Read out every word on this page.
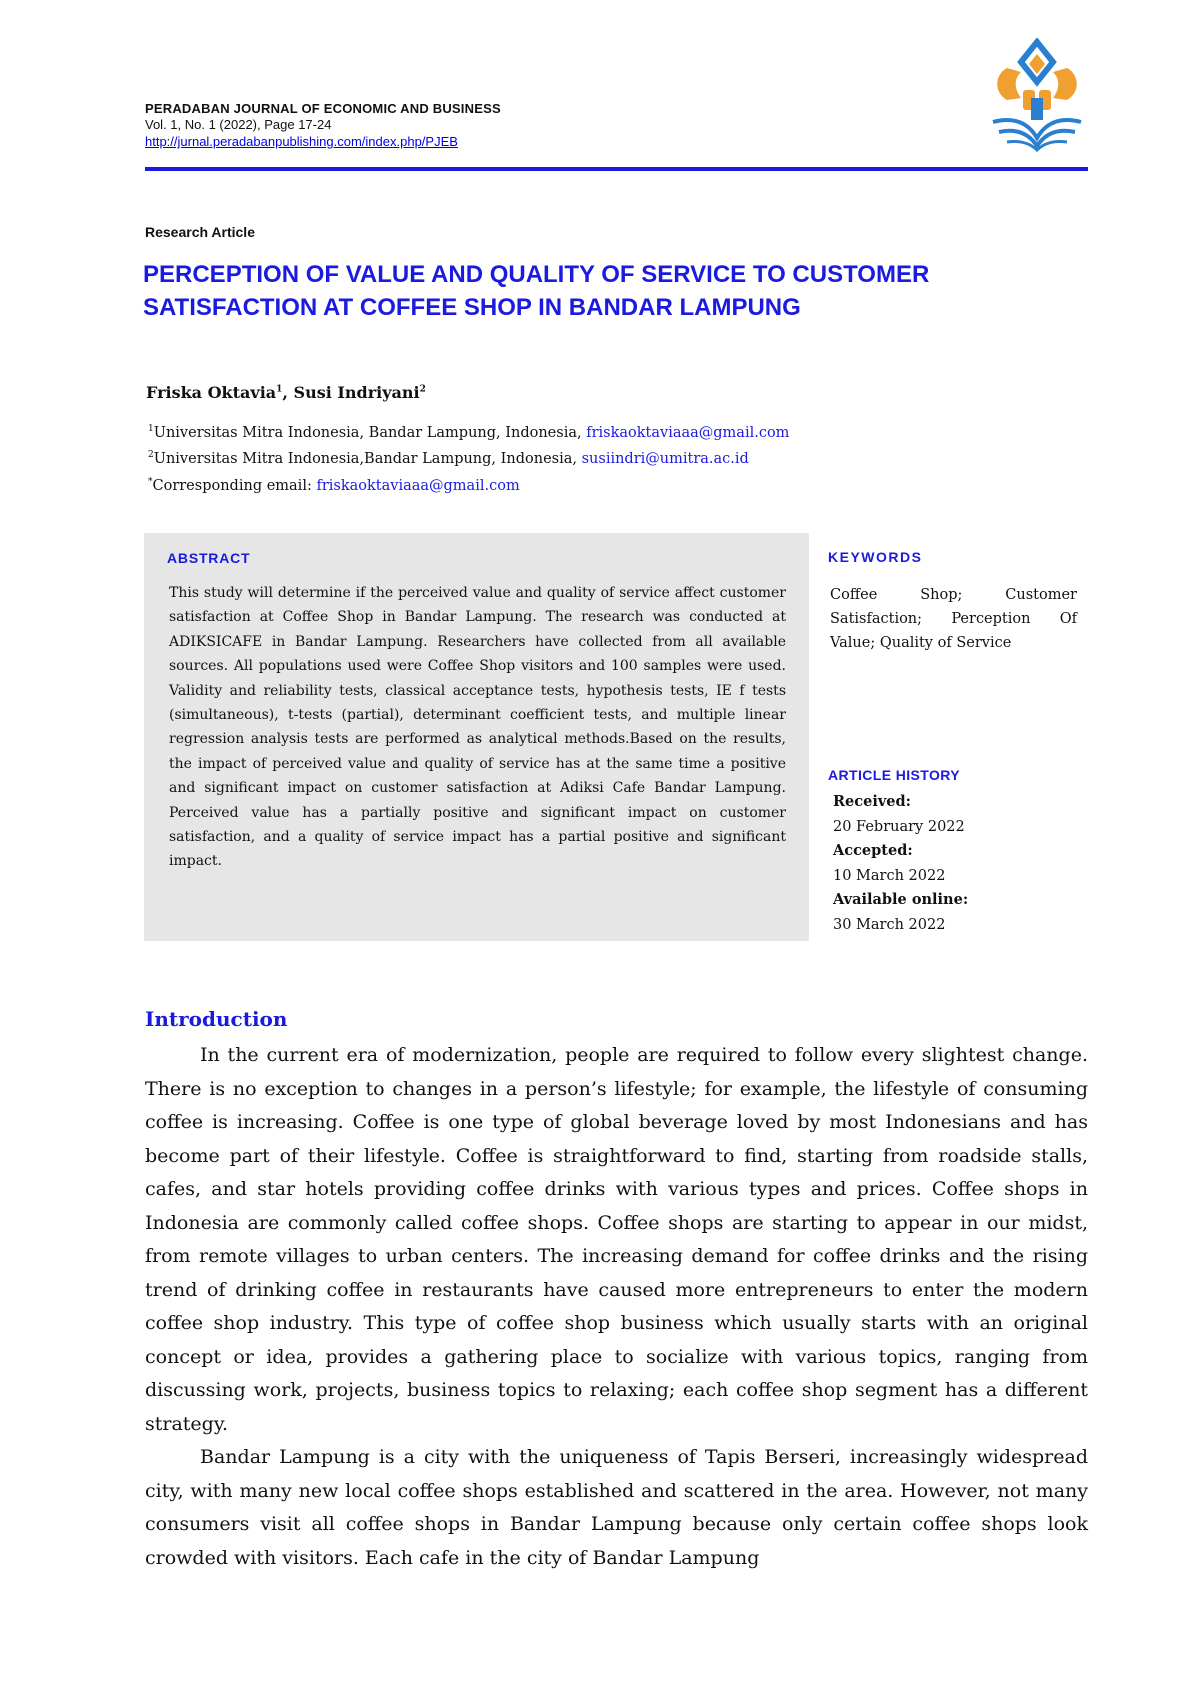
PERADABAN JOURNAL OF ECONOMIC AND BUSINESS
Vol. 1, No. 1 (2022), Page 17-24
http://jurnal.peradabanpublishing.com/index.php/PJEB
Research Article
PERCEPTION OF VALUE AND QUALITY OF SERVICE TO CUSTOMER SATISFACTION AT COFFEE SHOP IN BANDAR LAMPUNG
Friska Oktavia$^1$, Susi Indriyani$^2$
$^1$Universitas Mitra Indonesia, Bandar Lampung, Indonesia, friskaoktaviaaa@gmail.com
$^2$Universitas Mitra Indonesia,Bandar Lampung, Indonesia, susiindri@umitra.ac.id
*Corresponding email: friskaoktaviaaa@gmail.com
ABSTRACT

This study will determine if the perceived value and quality of service affect customer satisfaction at Coffee Shop in Bandar Lampung. The research was conducted at ADIKSICAFE in Bandar Lampung. Researchers have collected from all available sources. All populations used were Coffee Shop visitors and 100 samples were used. Validity and reliability tests, classical acceptance tests, hypothesis tests, IE f tests (simultaneous), t-tests (partial), determinant coefficient tests, and multiple linear regression analysis tests are performed as analytical methods.Based on the results, the impact of perceived value and quality of service has at the same time a positive and significant impact on customer satisfaction at Adiksi Cafe Bandar Lampung. Perceived value has a partially positive and significant impact on customer satisfaction, and a quality of service impact has a partial positive and significant impact.

KEYWORDS

Coffee Shop; Customer Satisfaction; Perception Of Value; Quality of Service

ARTICLE HISTORY
Received:
20 February 2022
Accepted:
10 March 2022
Available online:
30 March 2022
Introduction

In the current era of modernization, people are required to follow every slightest change. There is no exception to changes in a person’s lifestyle; for example, the lifestyle of consuming coffee is increasing. Coffee is one type of global beverage loved by most Indonesians and has become part of their lifestyle. Coffee is straightforward to find, starting from roadside stalls, cafes, and star hotels providing coffee drinks with various types and prices. Coffee shops in Indonesia are commonly called coffee shops. Coffee shops are starting to appear in our midst, from remote villages to urban centers. The increasing demand for coffee drinks and the rising trend of drinking coffee in restaurants have caused more entrepreneurs to enter the modern coffee shop industry. This type of coffee shop business which usually starts with an original concept or idea, provides a gathering place to socialize with various topics, ranging from discussing work, projects, business topics to relaxing; each coffee shop segment has a different strategy.

Bandar Lampung is a city with the uniqueness of Tapis Berseri, increasingly widespread city, with many new local coffee shops established and scattered in the area. However, not many consumers visit all coffee shops in Bandar Lampung because only certain coffee shops look crowded with visitors. Each cafe in the city of Bandar Lampung
